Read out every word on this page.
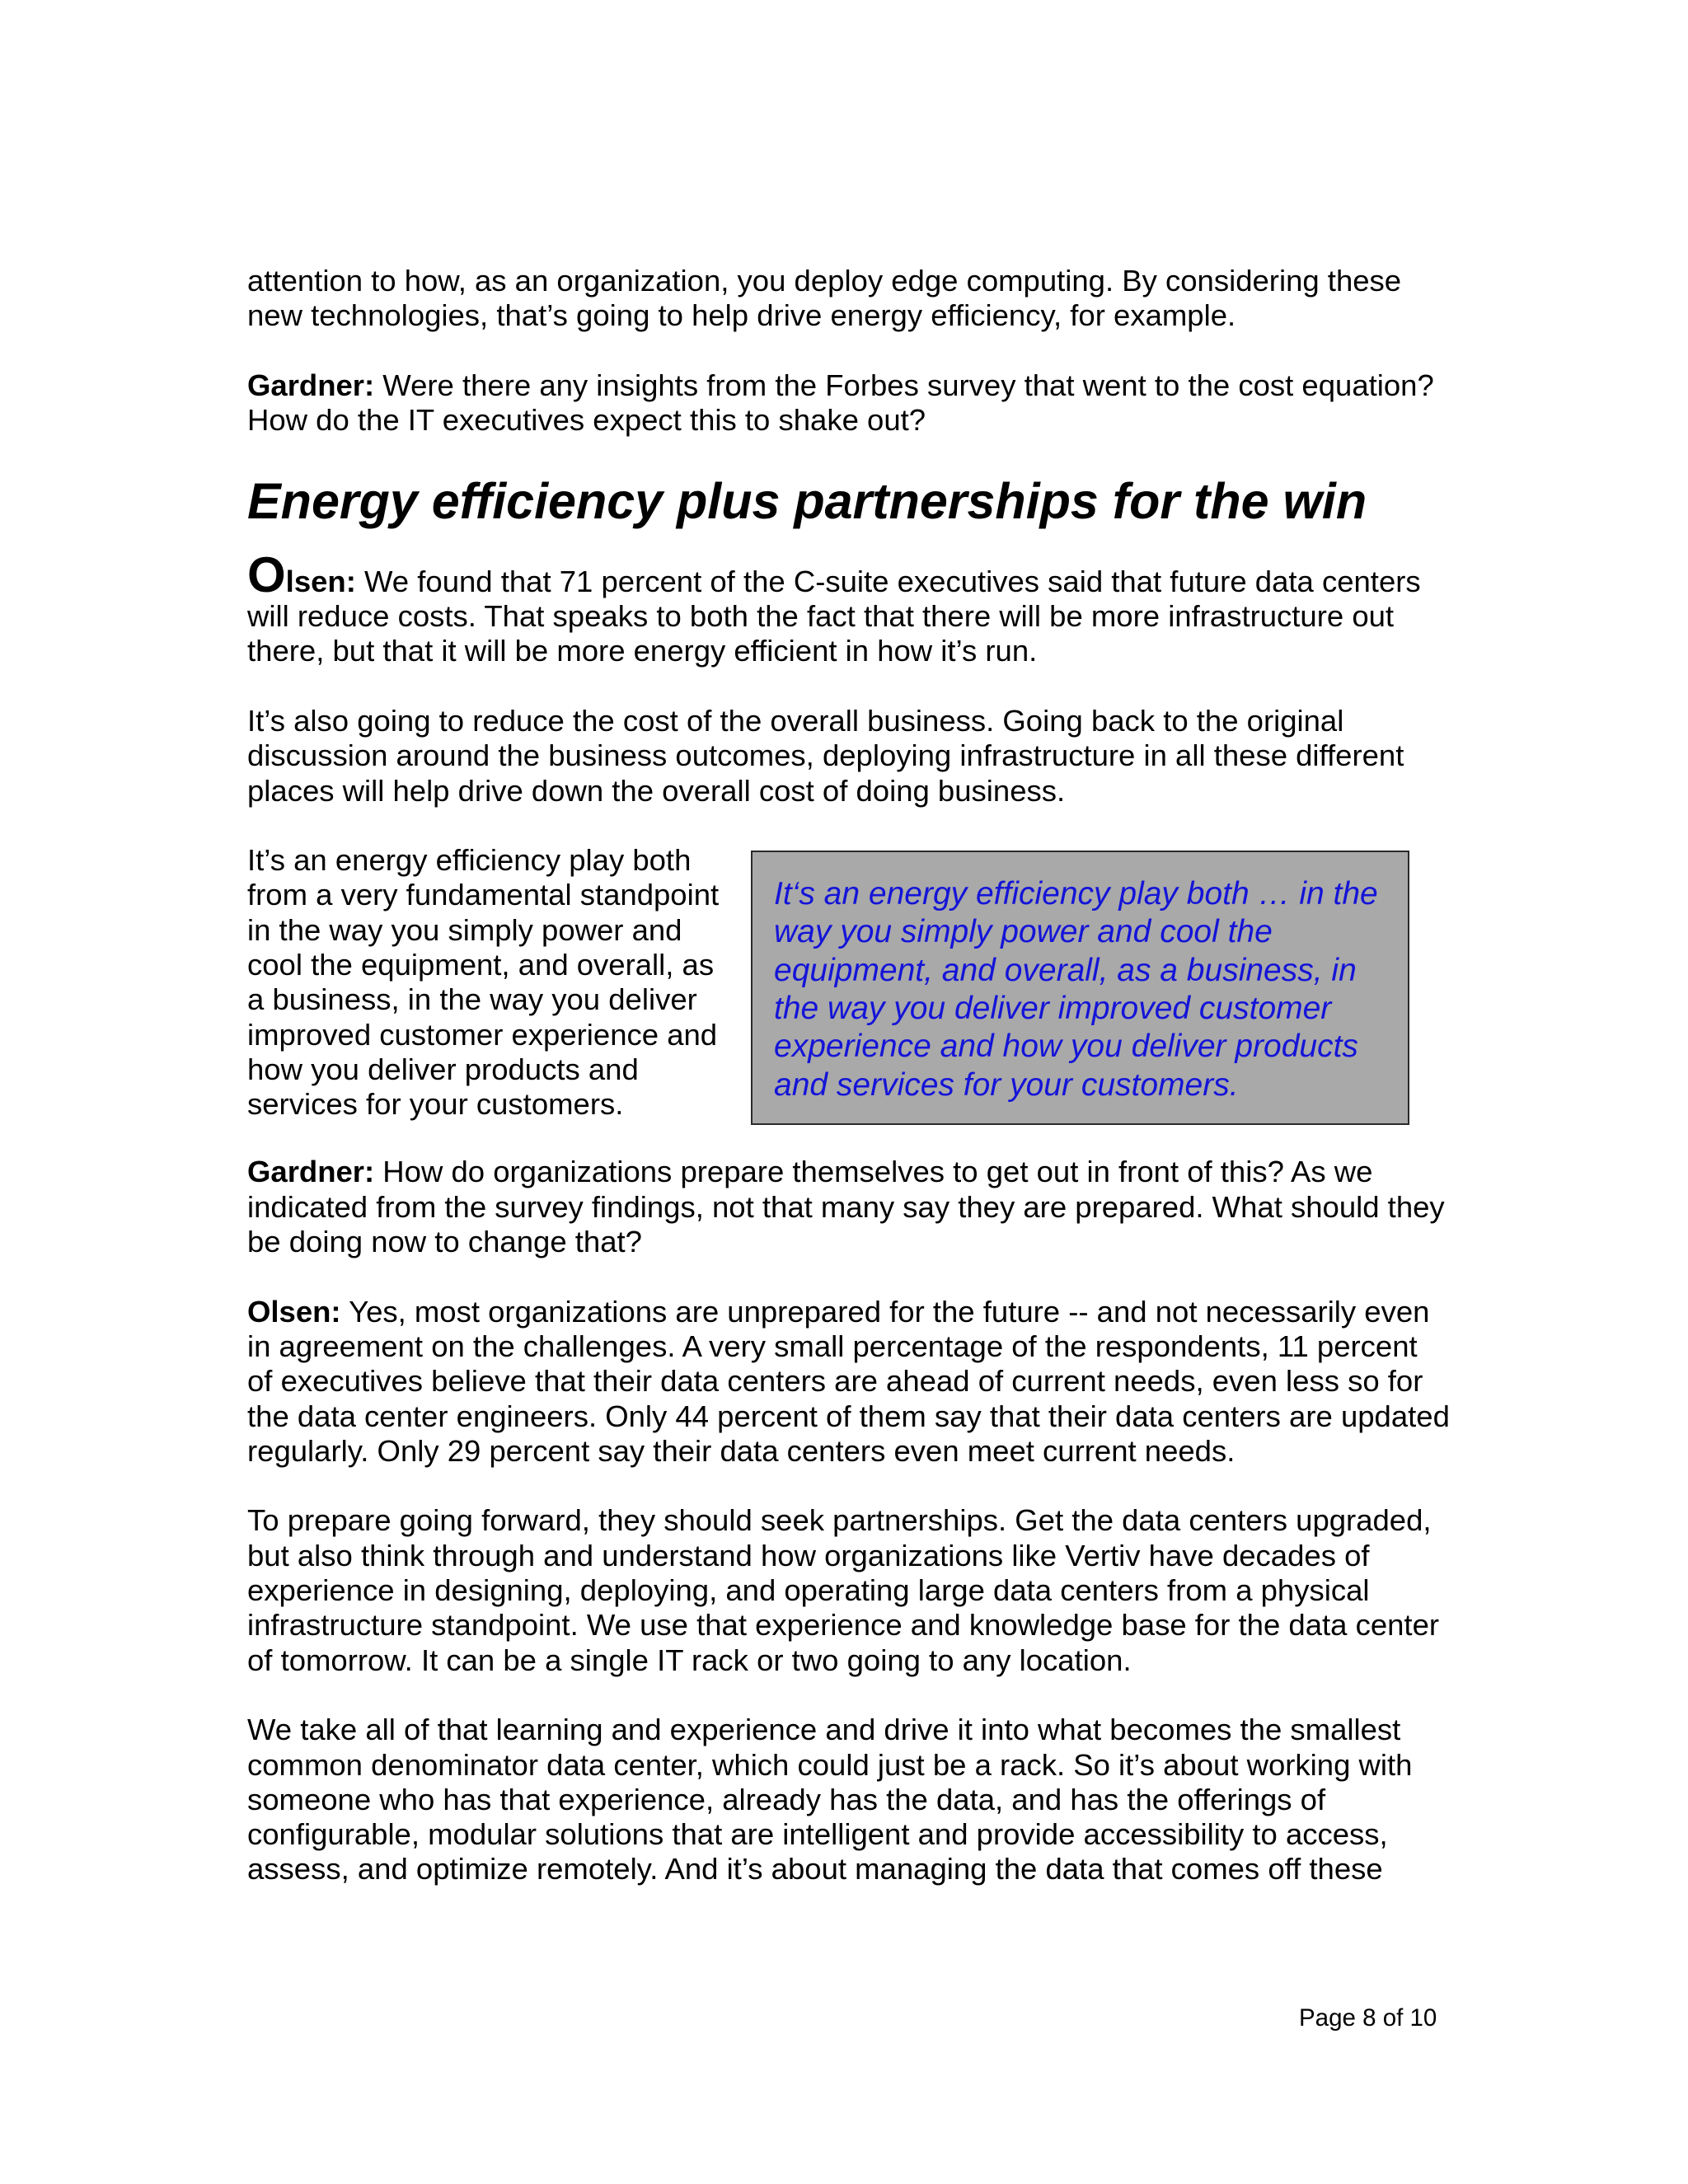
attention to how, as an organization, you deploy edge computing. By considering these new technologies, that’s going to help drive energy efficiency, for example.

Gardner: Were there any insights from the Forbes survey that went to the cost equation? How do the IT executives expect this to shake out?

Energy efficiency plus partnerships for the win

Olsen: We found that 71 percent of the C-suite executives said that future data centers will reduce costs. That speaks to both the fact that there will be more infrastructure out there, but that it will be more energy efficient in how it’s run.

It’s also going to reduce the cost of the overall business. Going back to the original discussion around the business outcomes, deploying infrastructure in all these different places will help drive down the overall cost of doing business.

It’s an energy efficiency play both from a very fundamental standpoint in the way you simply power and cool the equipment, and overall, as a business, in the way you deliver improved customer experience and how you deliver products and services for your customers.

It‘s an energy efficiency play both … in the way you simply power and cool the equipment, and overall, as a business, in the way you deliver improved customer experience and how you deliver products and services for your customers.

Gardner: How do organizations prepare themselves to get out in front of this? As we indicated from the survey findings, not that many say they are prepared. What should they be doing now to change that?

Olsen: Yes, most organizations are unprepared for the future -- and not necessarily even in agreement on the challenges. A very small percentage of the respondents, 11 percent of executives believe that their data centers are ahead of current needs, even less so for the data center engineers. Only 44 percent of them say that their data centers are updated regularly. Only 29 percent say their data centers even meet current needs.

To prepare going forward, they should seek partnerships. Get the data centers upgraded, but also think through and understand how organizations like Vertiv have decades of experience in designing, deploying, and operating large data centers from a physical infrastructure standpoint. We use that experience and knowledge base for the data center of tomorrow. It can be a single IT rack or two going to any location.

We take all of that learning and experience and drive it into what becomes the smallest common denominator data center, which could just be a rack. So it’s about working with someone who has that experience, already has the data, and has the offerings of configurable, modular solutions that are intelligent and provide accessibility to access, assess, and optimize remotely. And it’s about managing the data that comes off these

Page 8 of 10
